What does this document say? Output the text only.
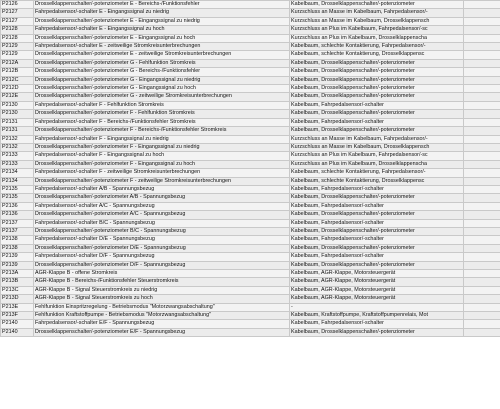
P2126	Drosselklappenschalter/-potenziometer E - Bereichs-/Funktionsfehler	Kabelbaum, Drosselklappenschalter/-potenziometer	
P2127	Fahrpedalsensor/-schalter E - Eingangssignal zu niedrig	Kurzschluss an Masse im Kabelbaum, Fahrpedalsensor/-	
P2127	Drosselklappenschalter/-potenziometer E - Eingangssignal zu niedrig	Kurzschluss an Masse im Kabelbaum, Drosselklappensch	
P2128	Fahrpedalsensor/-schalter E - Eingangssignal zu hoch	Kurzschluss an Plus im Kabelbaum, Fahrpedalsensor/-sc	
P2128	Drosselklappenschalter/-potenziometer E - Eingangssignal zu hoch	Kurzschluss an Plus im Kabelbaum, Drosselklappenscha	
P2129	Fahrpedalsensor/-schalter E - zeitweilige Stromkreisunterbrechungen	Kabelbaum, schlechte Kontaktierung, Fahrpedalsensor/-	
P2129	Drosselklappenschalter/-potenziometer E - zeitweilige Stromkreisunterbrechungen	Kabelbaum, schlechte Kontaktierung, Drosselklappensc	
P212A	Drosselklappenschalter/-potenziometer G - Fehlfunktion Stromkreis	Kabelbaum, Drosselklappenschalter/-potenziometer	
P212B	Drosselklappenschalter/-potenziometer G - Bereichs-/Funktionsfehler	Kabelbaum, Drosselklappenschalter/-potenziometer	
P212C	Drosselklappenschalter/-potenziometer G - Eingangssignal zu niedrig	Kabelbaum, Drosselklappenschalter/-potenziometer	
P212D	Drosselklappenschalter/-potenziometer G - Eingangssignal zu hoch	Kabelbaum, Drosselklappenschalter/-potenziometer	
P212E	Drosselklappenschalter/-potenziometer G - zeitweilige Stromkreisunterbrechungen	Kabelbaum, Drosselklappenschalter/-potenziometer	
P2130	Fahrpedalsensor/-schalter F - Fehlfunktion Stromkreis	Kabelbaum, Fahrpedalsensor/-schalter	
P2130	Drosselklappenschalter/-potenziometer F - Fehlfunktion Stromkreis	Kabelbaum, Drosselklappenschalter/-potenziometer	
P2131	Fahrpedalsensor/-schalter F - Bereichs-/Funktionsfehler Stromkreis	Kabelbaum, Fahrpedalsensor/-schalter	
P2131	Drosselklappenschalter/-potenziometer F - Bereichs-/Funktionsfehler Stromkreis	Kabelbaum, Drosselklappenschalter/-potenziometer	
P2132	Fahrpedalsensor/-schalter F - Eingangssignal zu niedrig	Kurzschluss an Masse im Kabelbaum, Fahrpedalsensor/-	
P2132	Drosselklappenschalter/-potenziometer F - Eingangssignal zu niedrig	Kurzschluss an Masse im Kabelbaum, Drosselklappensch	
P2133	Fahrpedalsensor/-schalter F - Eingangssignal zu hoch	Kurzschluss an Plus im Kabelbaum, Fahrpedalsensor/-sc	
P2133	Drosselklappenschalter/-potenziometer F - Eingangssignal zu hoch	Kurzschluss an Plus im Kabelbaum, Drosselklappenscha	
P2134	Fahrpedalsensor/-schalter F - zeitweilige Stromkreisunterbrechungen	Kabelbaum, schlechte Kontaktierung, Fahrpedalsensor/-	
P2134	Drosselklappenschalter/-potenziometer F - zeitweilige Stromkreisunterbrechungen	Kabelbaum, schlechte Kontaktierung, Drosselklappensc	
P2135	Fahrpedalsensor/-schalter A/B - Spannungsbezug	Kabelbaum, Fahrpedalsensor/-schalter	
P2135	Drosselklappenschalter/-potenziometer A/B - Spannungsbezug	Kabelbaum, Drosselklappenschalter/-potenziometer	
P2136	Fahrpedalsensor/-schalter A/C - Spannungsbezug	Kabelbaum, Fahrpedalsensor/-schalter	
P2136	Drosselklappenschalter/-potenziometer A/C - Spannungsbezug	Kabelbaum, Drosselklappenschalter/-potenziometer	
P2137	Fahrpedalsensor/-schalter B/C - Spannungsbezug	Kabelbaum, Fahrpedalsensor/-schalter	
P2137	Drosselklappenschalter/-potenziometer B/C - Spannungsbezug	Kabelbaum, Drosselklappenschalter/-potenziometer	
P2138	Fahrpedalsensor/-schalter D/E - Spannungsbezug	Kabelbaum, Fahrpedalsensor/-schalter	
P2138	Drosselklappenschalter/-potenziometer D/E - Spannungsbezug	Kabelbaum, Drosselklappenschalter/-potenziometer	
P2139	Fahrpedalsensor/-schalter D/F - Spannungsbezug	Kabelbaum, Fahrpedalsensor/-schalter	
P2139	Drosselklappenschalter/-potenziometer D/F - Spannungsbezug	Kabelbaum, Drosselklappenschalter/-potenziometer	
P213A	AGR-Klappe B - offene Stromkreis	Kabelbaum, AGR-Klappe, Motorsteuergerät	
P213B	AGR-Klappe B - Bereichs-/Funktionsfehler Steuerstromkreis	Kabelbaum, AGR-Klappe, Motorsteuergerät	
P213C	AGR-Klappe B - Signal Steuerstromkreis zu niedrig	Kabelbaum, AGR-Klappe, Motorsteuergerät	
P213D	AGR-Klappe B - Signal Steuerstromkreis zu hoch	Kabelbaum, AGR-Klappe, Motorsteuergerät	
P213E	Fehlfunktion Einspritzregelung - Betriebsmodus "Motorzwangsabschaltung"	-	
P213F	Fehlfunktion Kraftstoffpumpe - Betriebsmodus "Motorzwangsabschaltung"	Kabelbaum, Kraftstoffpumpe, Kraftstoffpumpenrelais, Mot	
P2140	Fahrpedalsensor/-schalter E/F - Spannungsbezug	Kabelbaum, Fahrpedalsensor/-schalter	
P2140	Drosselklappenschalter/-potenziometer E/F - Spannungsbezug	Kabelbaum, Drosselklappenschalter/-potenziometer	
